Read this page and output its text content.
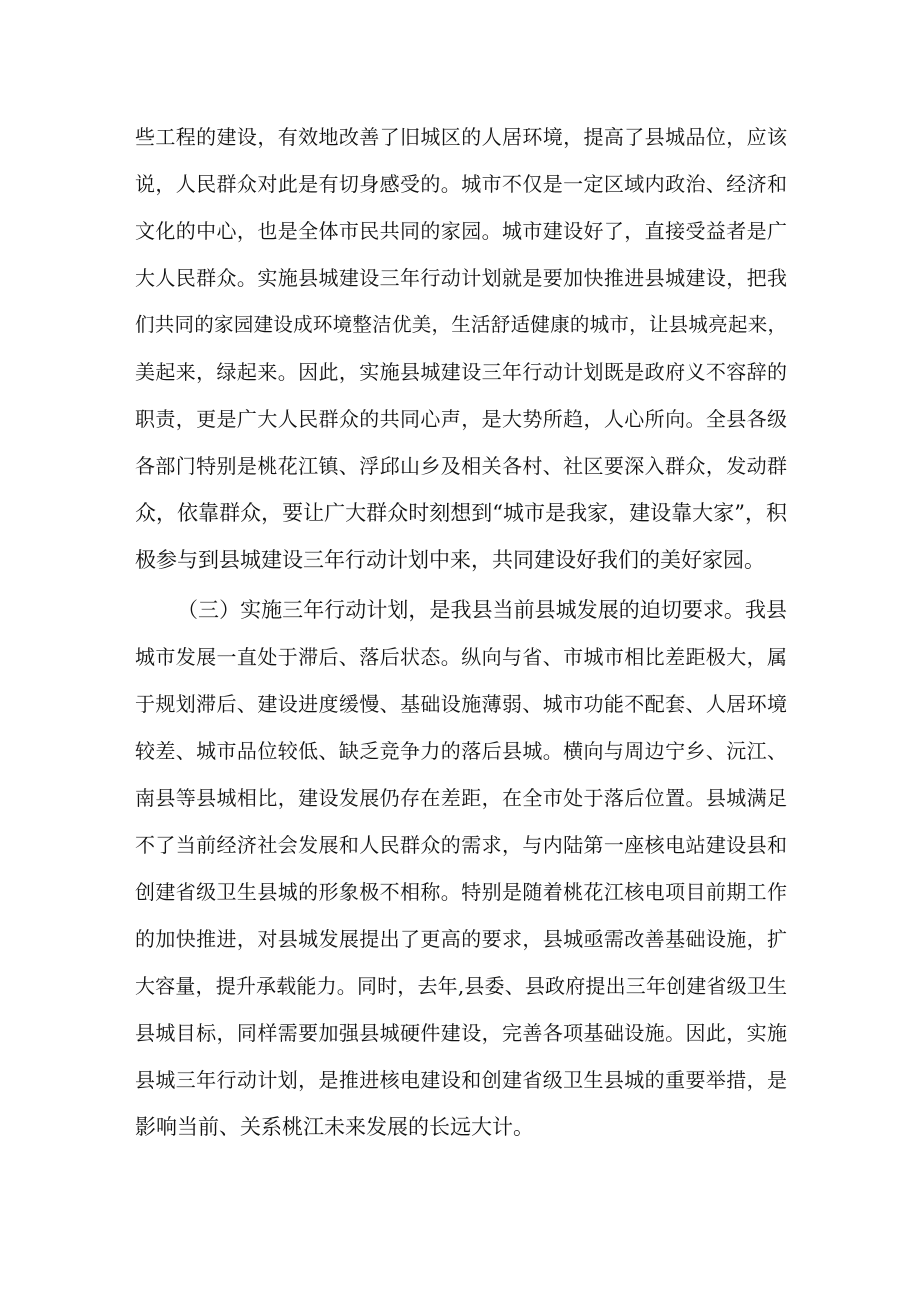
些工程的建设，有效地改善了旧城区的人居环境，提高了县城品位，应该
说，人民群众对此是有切身感受的。城市不仅是一定区域内政治、经济和
文化的中心，也是全体市民共同的家园。城市建设好了，直接受益者是广
大人民群众。实施县城建设三年行动计划就是要加快推进县城建设，把我
们共同的家园建设成环境整洁优美，生活舒适健康的城市，让县城亮起来，
美起来，绿起来。因此，实施县城建设三年行动计划既是政府义不容辞的
职责，更是广大人民群众的共同心声，是大势所趋，人心所向。全县各级
各部门特别是桃花江镇、浮邱山乡及相关各村、社区要深入群众，发动群
众，依靠群众，要让广大群众时刻想到“城市是我家，建设靠大家”，积
极参与到县城建设三年行动计划中来，共同建设好我们的美好家园。
（三）实施三年行动计划，是我县当前县城发展的迫切要求。我县
城市发展一直处于滞后、落后状态。纵向与省、市城市相比差距极大，属
于规划滞后、建设进度缓慢、基础设施薄弱、城市功能不配套、人居环境
较差、城市品位较低、缺乏竞争力的落后县城。横向与周边宁乡、沅江、
南县等县城相比，建设发展仍存在差距，在全市处于落后位置。县城满足
不了当前经济社会发展和人民群众的需求，与内陆第一座核电站建设县和
创建省级卫生县城的形象极不相称。特别是随着桃花江核电项目前期工作
的加快推进，对县城发展提出了更高的要求，县城亟需改善基础设施，扩
大容量，提升承载能力。同时，去年,县委、县政府提出三年创建省级卫生
县城目标，同样需要加强县城硬件建设，完善各项基础设施。因此，实施
县城三年行动计划，是推进核电建设和创建省级卫生县城的重要举措，是
影响当前、关系桃江未来发展的长远大计。
